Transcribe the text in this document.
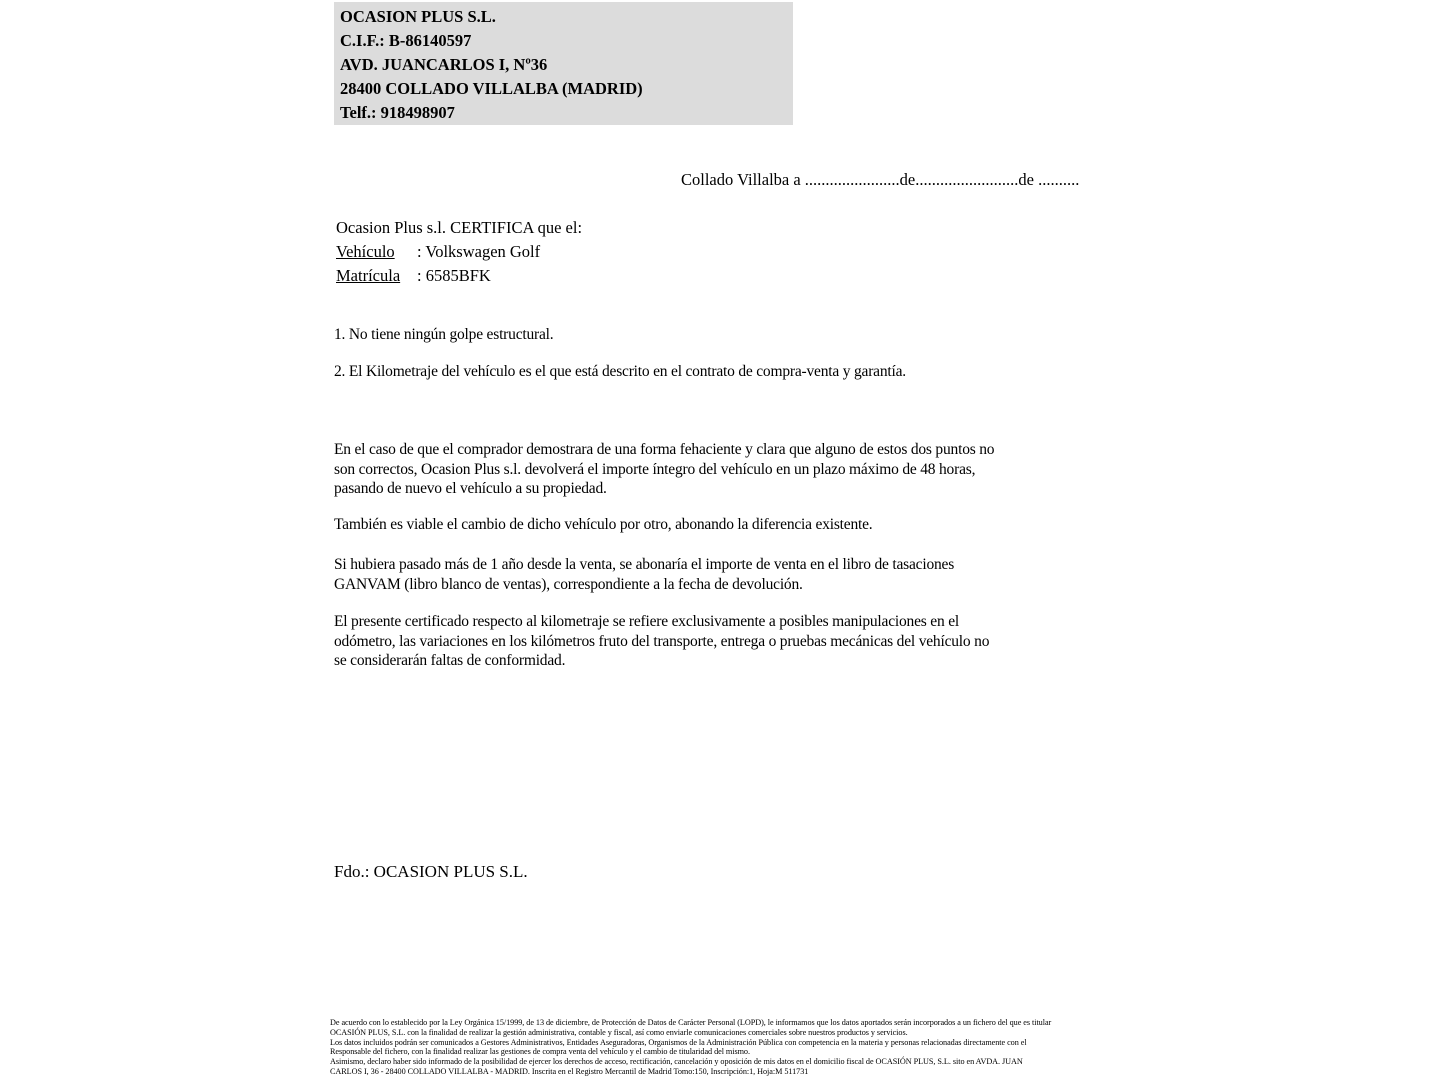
OCASION PLUS S.L.
C.I.F.: B-86140597
AVD. JUANCARLOS I, Nº36
28400 COLLADO VILLALBA (MADRID)
Telf.: 918498907
Collado Villalba a .......................de.........................de ..........
Ocasion Plus s.l. CERTIFICA que el:
Vehículo : Volkswagen Golf
Matrícula : 6585BFK
1. No tiene ningún golpe estructural.
2. El Kilometraje del vehículo es el que está descrito en el contrato de compra-venta y garantía.
En el caso de que el comprador demostrara de una forma fehaciente y clara que alguno de estos dos puntos no
son correctos, Ocasion Plus s.l. devolverá el importe íntegro del vehículo en un plazo máximo de 48 horas,
pasando de nuevo el vehículo a su propiedad.
También es viable el cambio de dicho vehículo por otro, abonando la diferencia existente.
Si hubiera pasado más de 1 año desde la venta, se abonaría el importe de venta en el libro de tasaciones
GANVAM (libro blanco de ventas), correspondiente a la fecha de devolución.
El presente certificado respecto al kilometraje se refiere exclusivamente a posibles manipulaciones en el
odómetro, las variaciones en los kilómetros fruto del transporte, entrega o pruebas mecánicas del vehículo no
se considerarán faltas de conformidad.
Fdo.: OCASION PLUS S.L.
De acuerdo con lo establecido por la Ley Orgánica 15/1999, de 13 de diciembre, de Protección de Datos de Carácter Personal (LOPD), le informamos que los datos aportados serán incorporados a un fichero del que es titular
OCASIÓN PLUS, S.L. con la finalidad de realizar la gestión administrativa, contable y fiscal, así como enviarle comunicaciones comerciales sobre nuestros productos y servicios.
Los datos incluidos podrán ser comunicados a Gestores Administrativos, Entidades Aseguradoras, Organismos de la Administración Pública con competencia en la materia y personas relacionadas directamente con el
Responsable del fichero, con la finalidad realizar las gestiones de compra venta del vehículo y el cambio de titularidad del mismo.
Asimismo, declaro haber sido informado de la posibilidad de ejercer los derechos de acceso, rectificación, cancelación y oposición de mis datos en el domicilio fiscal de OCASIÓN PLUS, S.L. sito en AVDA. JUAN
CARLOS I, 36 - 28400 COLLADO VILLALBA - MADRID. Inscrita en el Registro Mercantil de Madrid Tomo:150, Inscripción:1, Hoja:M 511731
